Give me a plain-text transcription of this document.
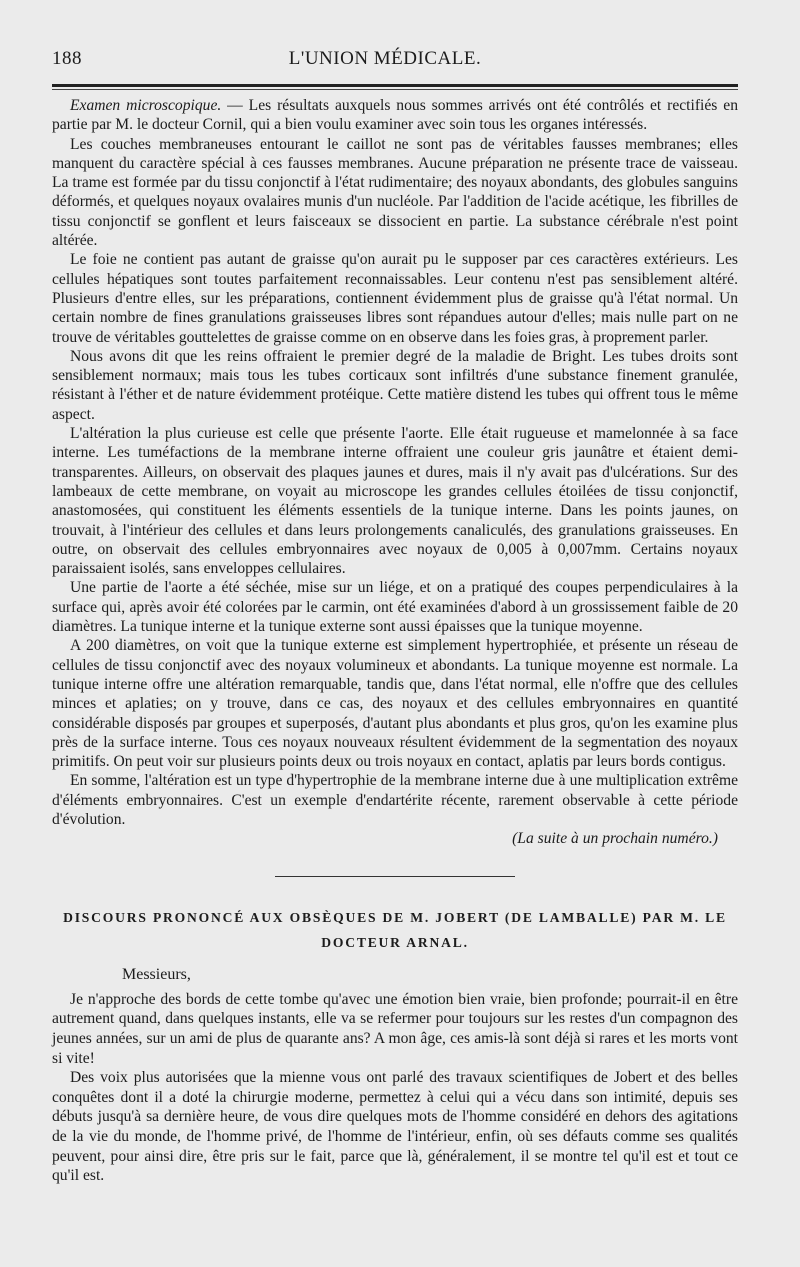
188	L'UNION MÉDICALE.

Examen microscopique. — Les résultats auxquels nous sommes arrivés ont été contrôlés et rectifiés en partie par M. le docteur Cornil, qui a bien voulu examiner avec soin tous les organes intéressés.

Les couches membraneuses entourant le caillot ne sont pas de véritables fausses membranes; elles manquent du caractère spécial à ces fausses membranes. Aucune préparation ne présente trace de vaisseau. La trame est formée par du tissu conjonctif à l'état rudimentaire; des noyaux abondants, des globules sanguins déformés, et quelques noyaux ovalaires munis d'un nucléole. Par l'addition de l'acide acétique, les fibrilles de tissu conjonctif se gonflent et leurs faisceaux se dissocient en partie. La substance cérébrale n'est point altérée.

Le foie ne contient pas autant de graisse qu'on aurait pu le supposer par ces caractères extérieurs. Les cellules hépatiques sont toutes parfaitement reconnaissables. Leur contenu n'est pas sensiblement altéré. Plusieurs d'entre elles, sur les préparations, contiennent évidemment plus de graisse qu'à l'état normal. Un certain nombre de fines granulations graisseuses libres sont répandues autour d'elles; mais nulle part on ne trouve de véritables gouttelettes de graisse comme on en observe dans les foies gras, à proprement parler.

Nous avons dit que les reins offraient le premier degré de la maladie de Bright. Les tubes droits sont sensiblement normaux; mais tous les tubes corticaux sont infiltrés d'une substance finement granulée, résistant à l'éther et de nature évidemment protéique. Cette matière distend les tubes qui offrent tous le même aspect.

L'altération la plus curieuse est celle que présente l'aorte. Elle était rugueuse et mamelonnée à sa face interne. Les tuméfactions de la membrane interne offraient une couleur gris jaunâtre et étaient demi-transparentes. Ailleurs, on observait des plaques jaunes et dures, mais il n'y avait pas d'ulcérations. Sur des lambeaux de cette membrane, on voyait au microscope les grandes cellules étoilées de tissu conjonctif, anastomosées, qui constituent les éléments essentiels de la tunique interne. Dans les points jaunes, on trouvait, à l'intérieur des cellules et dans leurs prolongements canaliculés, des granulations graisseuses. En outre, on observait des cellules embryonnaires avec noyaux de 0,005 à 0,007mm. Certains noyaux paraissaient isolés, sans enveloppes cellulaires.

Une partie de l'aorte a été séchée, mise sur un liége, et on a pratiqué des coupes perpendiculaires à la surface qui, après avoir été colorées par le carmin, ont été examinées d'abord à un grossissement faible de 20 diamètres. La tunique interne et la tunique externe sont aussi épaisses que la tunique moyenne.

A 200 diamètres, on voit que la tunique externe est simplement hypertrophiée, et présente un réseau de cellules de tissu conjonctif avec des noyaux volumineux et abondants. La tunique moyenne est normale. La tunique interne offre une altération remarquable, tandis que, dans l'état normal, elle n'offre que des cellules minces et aplaties; on y trouve, dans ce cas, des noyaux et des cellules embryonnaires en quantité considérable disposés par groupes et superposés, d'autant plus abondants et plus gros, qu'on les examine plus près de la surface interne. Tous ces noyaux nouveaux résultent évidemment de la segmentation des noyaux primitifs. On peut voir sur plusieurs points deux ou trois noyaux en contact, aplatis par leurs bords contigus.

En somme, l'altération est un type d'hypertrophie de la membrane interne due à une multiplication extrême d'éléments embryonnaires. C'est un exemple d'endartérite récente, rarement observable à cette période d'évolution.

(La suite à un prochain numéro.)
DISCOURS PRONONCÉ AUX OBSÈQUES DE M. JOBERT (DE LAMBALLE) PAR M. LE DOCTEUR ARNAL.

Messieurs,

Je n'approche des bords de cette tombe qu'avec une émotion bien vraie, bien profonde; pourrait-il en être autrement quand, dans quelques instants, elle va se refermer pour toujours sur les restes d'un compagnon des jeunes années, sur un ami de plus de quarante ans? A mon âge, ces amis-là sont déjà si rares et les morts vont si vite!

Des voix plus autorisées que la mienne vous ont parlé des travaux scientifiques de Jobert et des belles conquêtes dont il a doté la chirurgie moderne, permettez à celui qui a vécu dans son intimité, depuis ses débuts jusqu'à sa dernière heure, de vous dire quelques mots de l'homme considéré en dehors des agitations de la vie du monde, de l'homme privé, de l'homme de l'intérieur, enfin, où ses défauts comme ses qualités peuvent, pour ainsi dire, être pris sur le fait, parce que là, généralement, il se montre tel qu'il est et tout ce qu'il est.
